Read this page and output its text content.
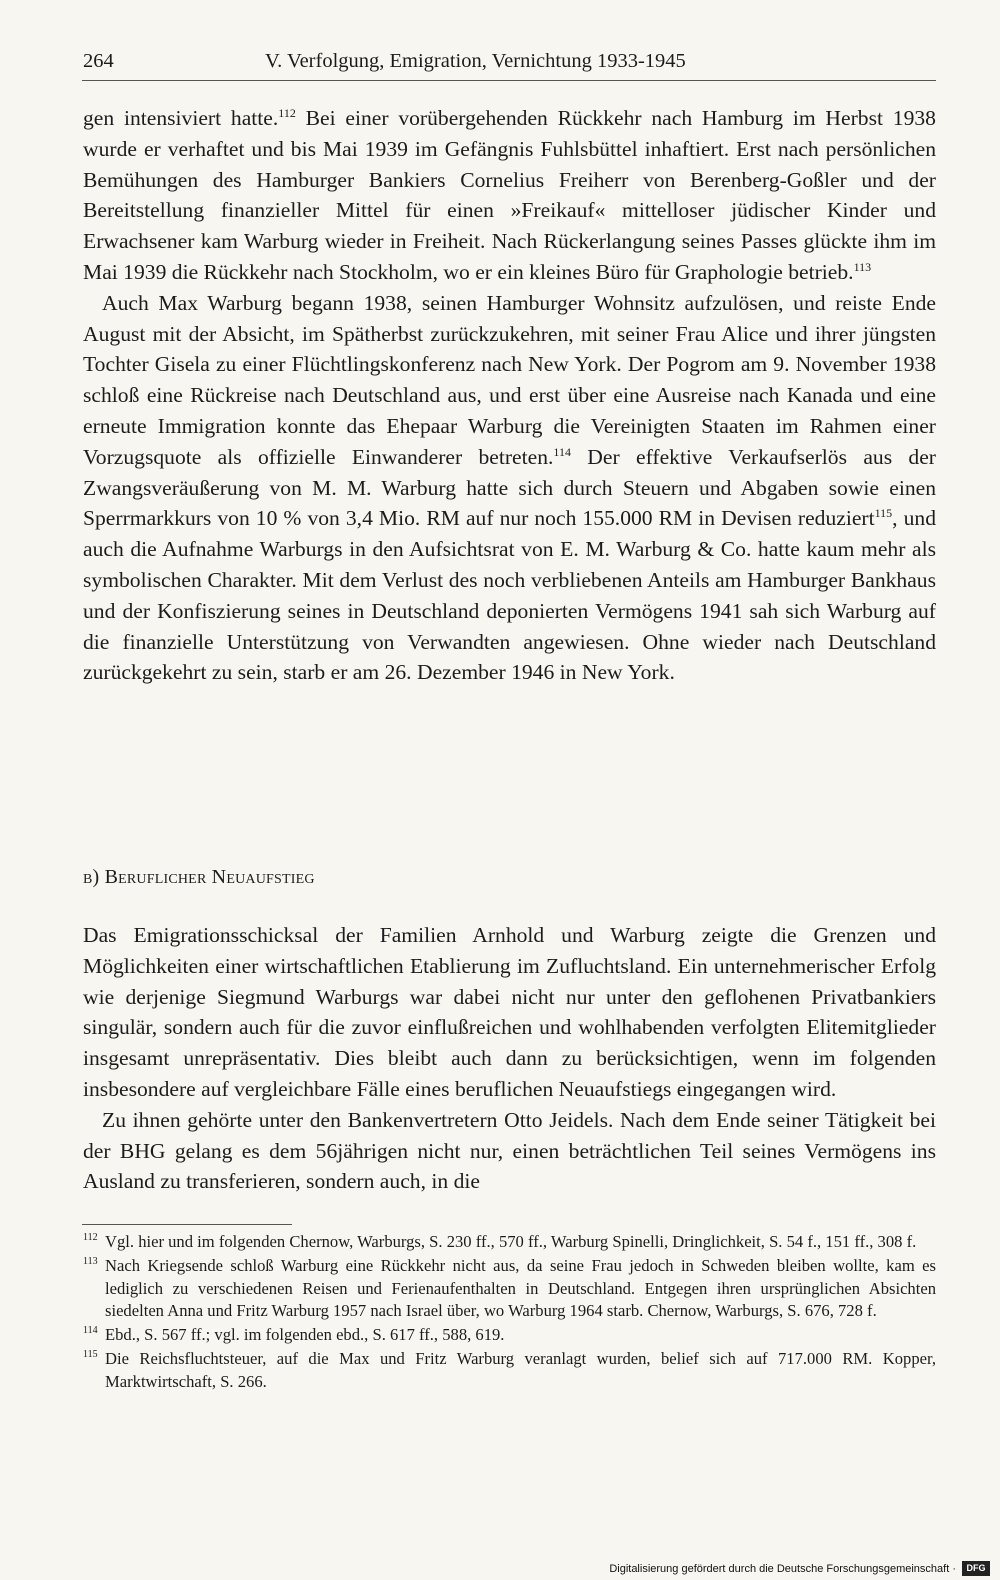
264	V. Verfolgung, Emigration, Vernichtung 1933-1945

gen intensiviert hatte.$^{112}$ Bei einer vorübergehenden Rückkehr nach Hamburg im Herbst 1938 wurde er verhaftet und bis Mai 1939 im Gefängnis Fuhlsbüttel inhaftiert. Erst nach persönlichen Bemühungen des Hamburger Bankiers Cornelius Freiherr von Berenberg-Goßler und der Bereitstellung finanzieller Mittel für einen »Freikauf« mittelloser jüdischer Kinder und Erwachsener kam Warburg wieder in Freiheit. Nach Rückerlangung seines Passes glückte ihm im Mai 1939 die Rückkehr nach Stockholm, wo er ein kleines Büro für Graphologie betrieb.$^{113}$

Auch Max Warburg begann 1938, seinen Hamburger Wohnsitz aufzulösen, und reiste Ende August mit der Absicht, im Spätherbst zurückzukehren, mit seiner Frau Alice und ihrer jüngsten Tochter Gisela zu einer Flüchtlingskonferenz nach New York. Der Pogrom am 9. November 1938 schloß eine Rückreise nach Deutschland aus, und erst über eine Ausreise nach Kanada und eine erneute Immigration konnte das Ehepaar Warburg die Vereinigten Staaten im Rahmen einer Vorzugsquote als offizielle Einwanderer betreten.$^{114}$ Der effektive Verkaufserlös aus der Zwangsveräußerung von M. M. Warburg hatte sich durch Steuern und Abgaben sowie einen Sperrmarkkurs von 10 % von 3,4 Mio. RM auf nur noch 155.000 RM in Devisen reduziert$^{115}$, und auch die Aufnahme Warburgs in den Aufsichtsrat von E. M. Warburg & Co. hatte kaum mehr als symbolischen Charakter. Mit dem Verlust des noch verbliebenen Anteils am Hamburger Bankhaus und der Konfiszierung seines in Deutschland deponierten Vermögens 1941 sah sich Warburg auf die finanzielle Unterstützung von Verwandten angewiesen. Ohne wieder nach Deutschland zurückgekehrt zu sein, starb er am 26. Dezember 1946 in New York.

b) Beruflicher Neuaufstieg

Das Emigrationsschicksal der Familien Arnhold und Warburg zeigte die Grenzen und Möglichkeiten einer wirtschaftlichen Etablierung im Zufluchtsland. Ein unternehmerischer Erfolg wie derjenige Siegmund Warburgs war dabei nicht nur unter den geflohenen Privatbankiers singulär, sondern auch für die zuvor einflußreichen und wohlhabenden verfolgten Elitemitglieder insgesamt unrepräsentativ. Dies bleibt auch dann zu berücksichtigen, wenn im folgenden insbesondere auf vergleichbare Fälle eines beruflichen Neuaufstiegs eingegangen wird.

Zu ihnen gehörte unter den Bankenvertretern Otto Jeidels. Nach dem Ende seiner Tätigkeit bei der BHG gelang es dem 56jährigen nicht nur, einen beträchtlichen Teil seines Vermögens ins Ausland zu transferieren, sondern auch, in die

112 Vgl. hier und im folgenden Chernow, Warburgs, S. 230 ff., 570 ff., Warburg Spinelli, Dringlichkeit, S. 54 f., 151 ff., 308 f.
113 Nach Kriegsende schloß Warburg eine Rückkehr nicht aus, da seine Frau jedoch in Schweden bleiben wollte, kam es lediglich zu verschiedenen Reisen und Ferienaufenthalten in Deutschland. Entgegen ihren ursprünglichen Absichten siedelten Anna und Fritz Warburg 1957 nach Israel über, wo Warburg 1964 starb. Chernow, Warburgs, S. 676, 728 f.
114 Ebd., S. 567 ff.; vgl. im folgenden ebd., S. 617 ff., 588, 619.
115 Die Reichsfluchtsteuer, auf die Max und Fritz Warburg veranlagt wurden, belief sich auf 717.000 RM. Kopper, Marktwirtschaft, S. 266.
Digitalisierung gefördert durch die Deutsche Forschungsgemeinschaft ·	DFG
